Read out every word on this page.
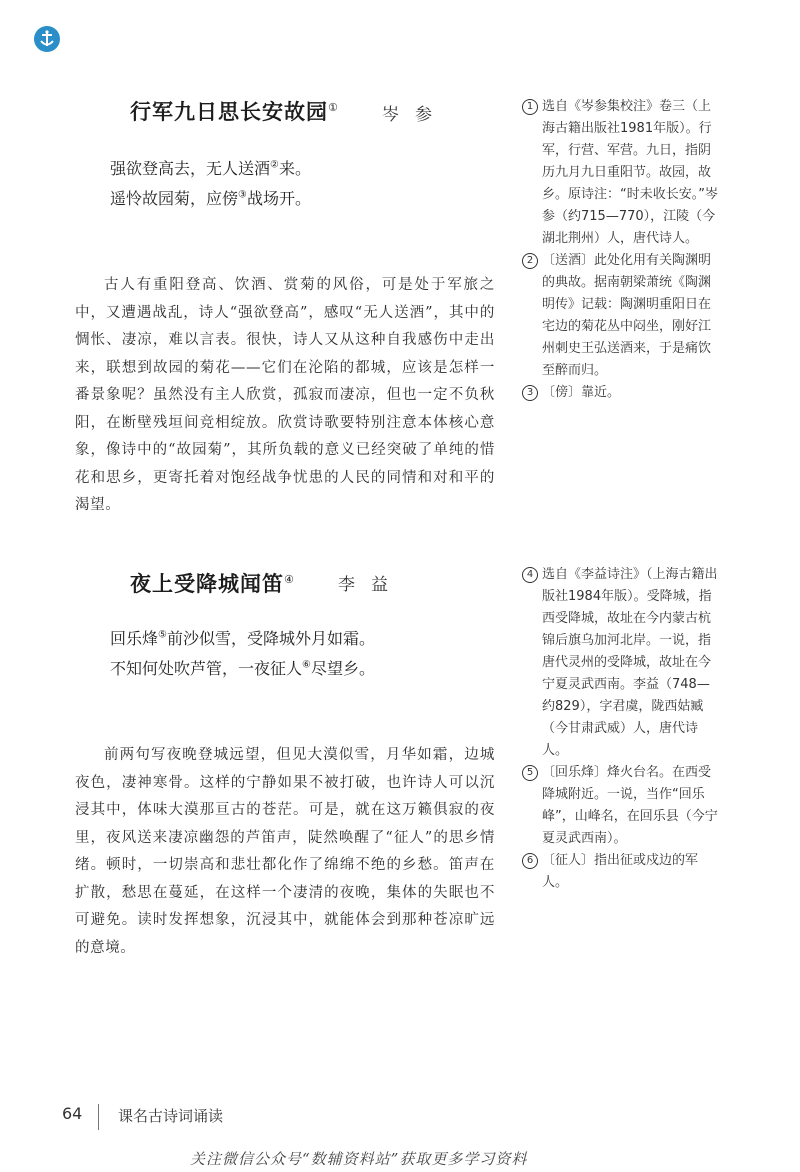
行军九日思长安故园①	岑参
强欲登高去，无人送酒②来。
遥怜故园菊，应傍③战场开。

古人有重阳登高、饮酒、赏菊的风俗，可是处于军旅之中，又遭遇战乱，诗人“强欲登高”，感叹“无人送酒”，其中的惆怅、凄凉，难以言表。很快，诗人又从这种自我感伤中走出来，联想到故园的菊花——它们在沦陷的都城，应该是怎样一番景象呢？虽然没有主人欣赏，孤寂而凄凉，但也一定不负秋阳，在断壁残垣间竞相绽放。欣赏诗歌要特别注意本体核心意象，像诗中的“故园菊”，其所负载的意义已经突破了单纯的惜花和思乡，更寄托着对饱经战争忧患的人民的同情和对和平的渴望。

1 选自《岑参集校注》卷三（上海古籍出版社1981年版）。行军，行营、军营。九日，指阴历九月九日重阳节。故园，故乡。原诗注：“时未收长安。”岑参（约715—770），江陵（今湖北荆州）人，唐代诗人。
2 〔送酒〕此处化用有关陶渊明的典故。据南朝梁萧统《陶渊明传》记载：陶渊明重阳日在宅边的菊花丛中闷坐，刚好江州刺史王弘送酒来，于是痛饮至醉而归。
3 〔傍〕靠近。
夜上受降城闻笛④	李益
回乐烽⑤前沙似雪，受降城外月如霜。
不知何处吹芦管，一夜征人⑥尽望乡。

前两句写夜晚登城远望，但见大漠似雪，月华如霜，边城夜色，凄神寒骨。这样的宁静如果不被打破，也许诗人可以沉浸其中，体味大漠那亘古的苍茫。可是，就在这万籁俱寂的夜里，夜风送来凄凉幽怨的芦笛声，陡然唤醒了“征人”的思乡情绪。顿时，一切崇高和悲壮都化作了绵绵不绝的乡愁。笛声在扩散，愁思在蔓延，在这样一个凄清的夜晚，集体的失眠也不可避免。读时发挥想象，沉浸其中，就能体会到那种苍凉旷远的意境。

4 选自《李益诗注》（上海古籍出版社1984年版）。受降城，指西受降城，故址在今内蒙古杭锦后旗乌加河北岸。一说，指唐代灵州的受降城，故址在今宁夏灵武西南。李益（748—约829），字君虞，陇西姑臧（今甘肃武威）人，唐代诗人。
5 〔回乐烽〕烽火台名。在西受降城附近。一说，当作“回乐峰”，山峰名，在回乐县（今宁夏灵武西南）。
6 〔征人〕指出征或戍边的军人。
64 课名古诗词诵读
关注微信公众号“数辅资料站”获取更多学习资料
